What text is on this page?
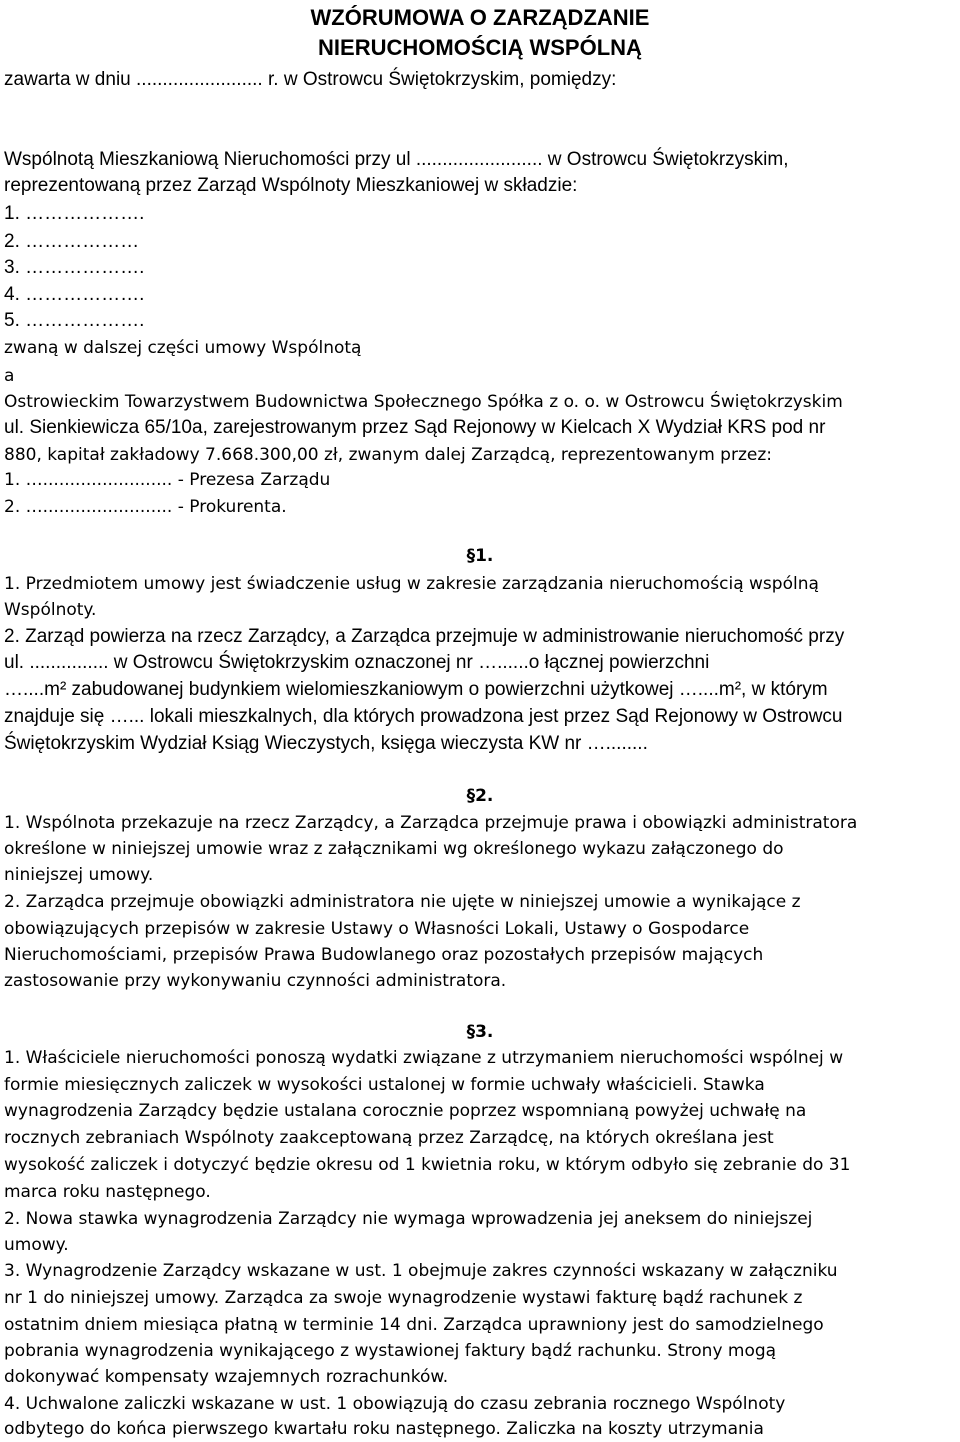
WZÓRUMOWA O ZARZĄDZANIE
NIERUCHOMOŚCIĄ WSPÓLNĄ
zawarta w dniu ........................ r. w Ostrowcu Świętokrzyskim, pomiędzy:
Wspólnotą Mieszkaniową Nieruchomości przy ul ........................ w Ostrowcu Świętokrzyskim,
reprezentowaną przez Zarząd Wspólnoty Mieszkaniowej w składzie:
1. ……………….
2. ………………
3. ……………….
4. ……………….
5. ……………….
zwaną w dalszej części umowy Wspólnotą
a
Ostrowieckim Towarzystwem Budownictwa Społecznego Spółka z o. o. w Ostrowcu Świętokrzyskim
ul. Sienkiewicza 65/10a, zarejestrowanym przez Sąd Rejonowy w Kielcach X Wydział KRS pod nr
880, kapitał zakładowy 7.668.300,00 zł, zwanym dalej Zarządcą, reprezentowanym przez:
1. …........................ - Prezesa Zarządu
2. …........................ - Prokurenta.
§1.
1. Przedmiotem umowy jest świadczenie usług w zakresie zarządzania nieruchomością wspólną
Wspólnoty.
2. Zarząd powierza na rzecz Zarządcy, a Zarządca przejmuje w administrowanie nieruchomość przy
ul. ............... w Ostrowcu Świętokrzyskim oznaczonej nr …......o łącznej powierzchni
…....m² zabudowanej budynkiem wielomieszkaniowym o powierzchni użytkowej …....m², w którym
znajduje się …... lokali mieszkalnych, dla których prowadzona jest przez Sąd Rejonowy w Ostrowcu
Świętokrzyskim Wydział Ksiąg Wieczystych, księga wieczysta KW nr …........
§2.
1. Wspólnota przekazuje na rzecz Zarządcy, a Zarządca przejmuje prawa i obowiązki administratora
określone w niniejszej umowie wraz z załącznikami wg określonego wykazu załączonego do
niniejszej umowy.
2. Zarządca przejmuje obowiązki administratora nie ujęte w niniejszej umowie a wynikające z
obowiązujących przepisów w zakresie Ustawy o Własności Lokali, Ustawy o Gospodarce
Nieruchomościami, przepisów Prawa Budowlanego oraz pozostałych przepisów mających
zastosowanie przy wykonywaniu czynności administratora.
§3.
1. Właściciele nieruchomości ponoszą wydatki związane z utrzymaniem nieruchomości wspólnej w
formie miesięcznych zaliczek w wysokości ustalonej w formie uchwały właścicieli. Stawka
wynagrodzenia Zarządcy będzie ustalana corocznie poprzez wspomnianą powyżej uchwałę na
rocznych zebraniach Wspólnoty zaakceptowaną przez Zarządcę, na których określana jest
wysokość zaliczek i dotyczyć będzie okresu od 1 kwietnia roku, w którym odbyło się zebranie do 31
marca roku następnego.
2. Nowa stawka wynagrodzenia Zarządcy nie wymaga wprowadzenia jej aneksem do niniejszej
umowy.
3. Wynagrodzenie Zarządcy wskazane w ust. 1 obejmuje zakres czynności wskazany w załączniku
nr 1 do niniejszej umowy. Zarządca za swoje wynagrodzenie wystawi fakturę bądź rachunek z
ostatnim dniem miesiąca płatną w terminie 14 dni. Zarządca uprawniony jest do samodzielnego
pobrania wynagrodzenia wynikającego z wystawionej faktury bądź rachunku. Strony mogą
dokonywać kompensaty wzajemnych rozrachunków.
4. Uchwalone zaliczki wskazane w ust. 1 obowiązują do czasu zebrania rocznego Wspólnoty
odbytego do końca pierwszego kwartału roku następnego. Zaliczka na koszty utrzymania
